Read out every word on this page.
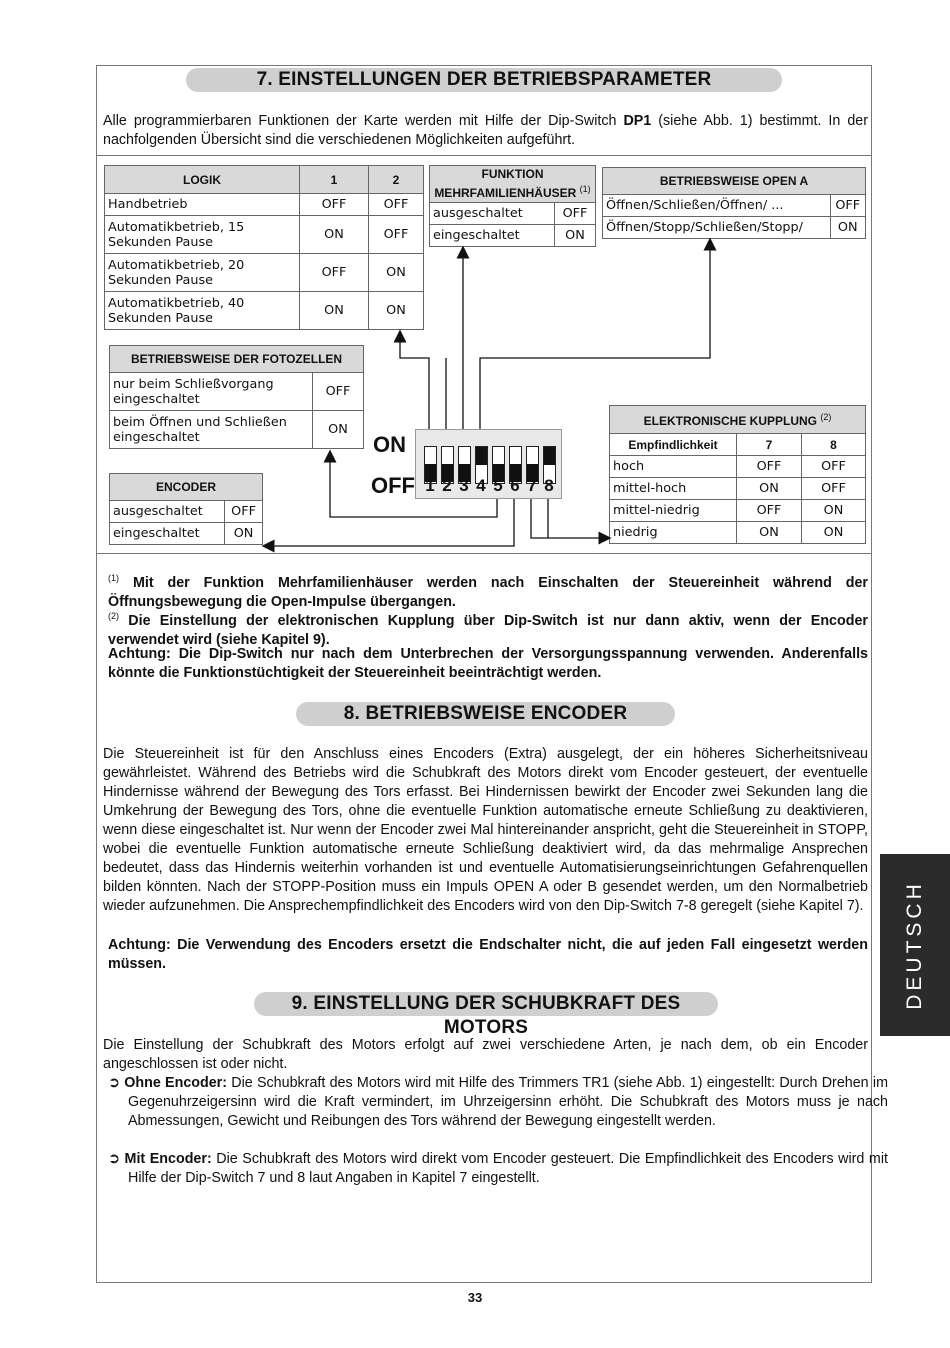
7. EINSTELLUNGEN DER BETRIEBSPARAMETER
Alle programmierbaren Funktionen der Karte werden mit Hilfe der Dip-Switch DP1 (siehe Abb. 1) bestimmt. In der nachfolgenden Übersicht sind die verschiedenen Möglichkeiten aufgeführt.
LOGIK	1	2
Handbetrieb	OFF	OFF
Automatikbetrieb, 15 Sekunden Pause	ON	OFF
Automatikbetrieb, 20 Sekunden Pause	OFF	ON
Automatikbetrieb, 40 Sekunden Pause	ON	ON
FUNKTION MEHRFAMILIENHÄUSER $^{(1)}$
ausgeschaltet	OFF
eingeschaltet	ON
BETRIEBSWEISE OPEN A	
Öffnen/Schließen/Öffnen/ ...	OFF
Öffnen/Stopp/Schließen/Stopp/	ON
BETRIEBSWEISE DER FOTOZELLEN	
nur beim Schließvorgang eingeschaltet	OFF
beim Öffnen und Schließen eingeschaltet	ON
ENCODER	
ausgeschaltet	OFF
eingeschaltet	ON
ELEKTRONISCHE KUPPLUNG $^{(2)}$
Empfindlichkeit	7	8
hoch	OFF	OFF
mittel-hoch	ON	OFF
mittel-niedrig	OFF	ON
niedrig	ON	ON
ON
OFF 1 2 3 4 5 6 7 8
$^{(1)}$ Mit der Funktion Mehrfamilienhäuser werden nach Einschalten der Steuereinheit während der Öffnungsbewegung die Open-Impulse übergangen.
$^{(2)}$ Die Einstellung der elektronischen Kupplung über Dip-Switch ist nur dann aktiv, wenn der Encoder verwendet wird (siehe Kapitel 9).
Achtung: Die Dip-Switch nur nach dem Unterbrechen der Versorgungsspannung verwenden. Anderenfalls könnte die Funktionstüchtigkeit der Steuereinheit beeinträchtigt werden.
8. BETRIEBSWEISE ENCODER
Die Steuereinheit ist für den Anschluss eines Encoders (Extra) ausgelegt, der ein höheres Sicherheitsniveau gewährleistet. Während des Betriebs wird die Schubkraft des Motors direkt vom Encoder gesteuert, der eventuelle Hindernisse während der Bewegung des Tors erfasst. Bei Hindernissen bewirkt der Encoder zwei Sekunden lang die Umkehrung der Bewegung des Tors, ohne die eventuelle Funktion automatische erneute Schließung zu deaktivieren, wenn diese eingeschaltet ist. Nur wenn der Encoder zwei Mal hintereinander anspricht, geht die Steuereinheit in STOPP, wobei die eventuelle Funktion automatische erneute Schließung deaktiviert wird, da das mehrmalige Ansprechen bedeutet, dass das Hindernis weiterhin vorhanden ist und eventuelle Automatisierungseinrichtungen Gefahrenquellen bilden könnten. Nach der STOPP-Position muss ein Impuls OPEN A oder B gesendet werden, um den Normalbetrieb wieder aufzunehmen. Die Ansprechempfindlichkeit des Encoders wird von den Dip-Switch 7-8 geregelt (siehe Kapitel 7).
Achtung: Die Verwendung des Encoders ersetzt die Endschalter nicht, die auf jeden Fall eingesetzt werden müssen.
9. EINSTELLUNG DER SCHUBKRAFT DES MOTORS
Die Einstellung der Schubkraft des Motors erfolgt auf zwei verschiedene Arten, je nach dem, ob ein Encoder angeschlossen ist oder nicht.
➲ Ohne Encoder: Die Schubkraft des Motors wird mit Hilfe des Trimmers TR1 (siehe Abb. 1) eingestellt: Durch Drehen im Gegenuhrzeigersinn wird die Kraft vermindert, im Uhrzeigersinn erhöht. Die Schubkraft des Motors muss je nach Abmessungen, Gewicht und Reibungen des Tors während der Bewegung eingestellt werden.
➲ Mit Encoder: Die Schubkraft des Motors wird direkt vom Encoder gesteuert. Die Empfindlichkeit des Encoders wird mit Hilfe der Dip-Switch 7 und 8 laut Angaben in Kapitel 7 eingestellt.
DEUTSCH
33
